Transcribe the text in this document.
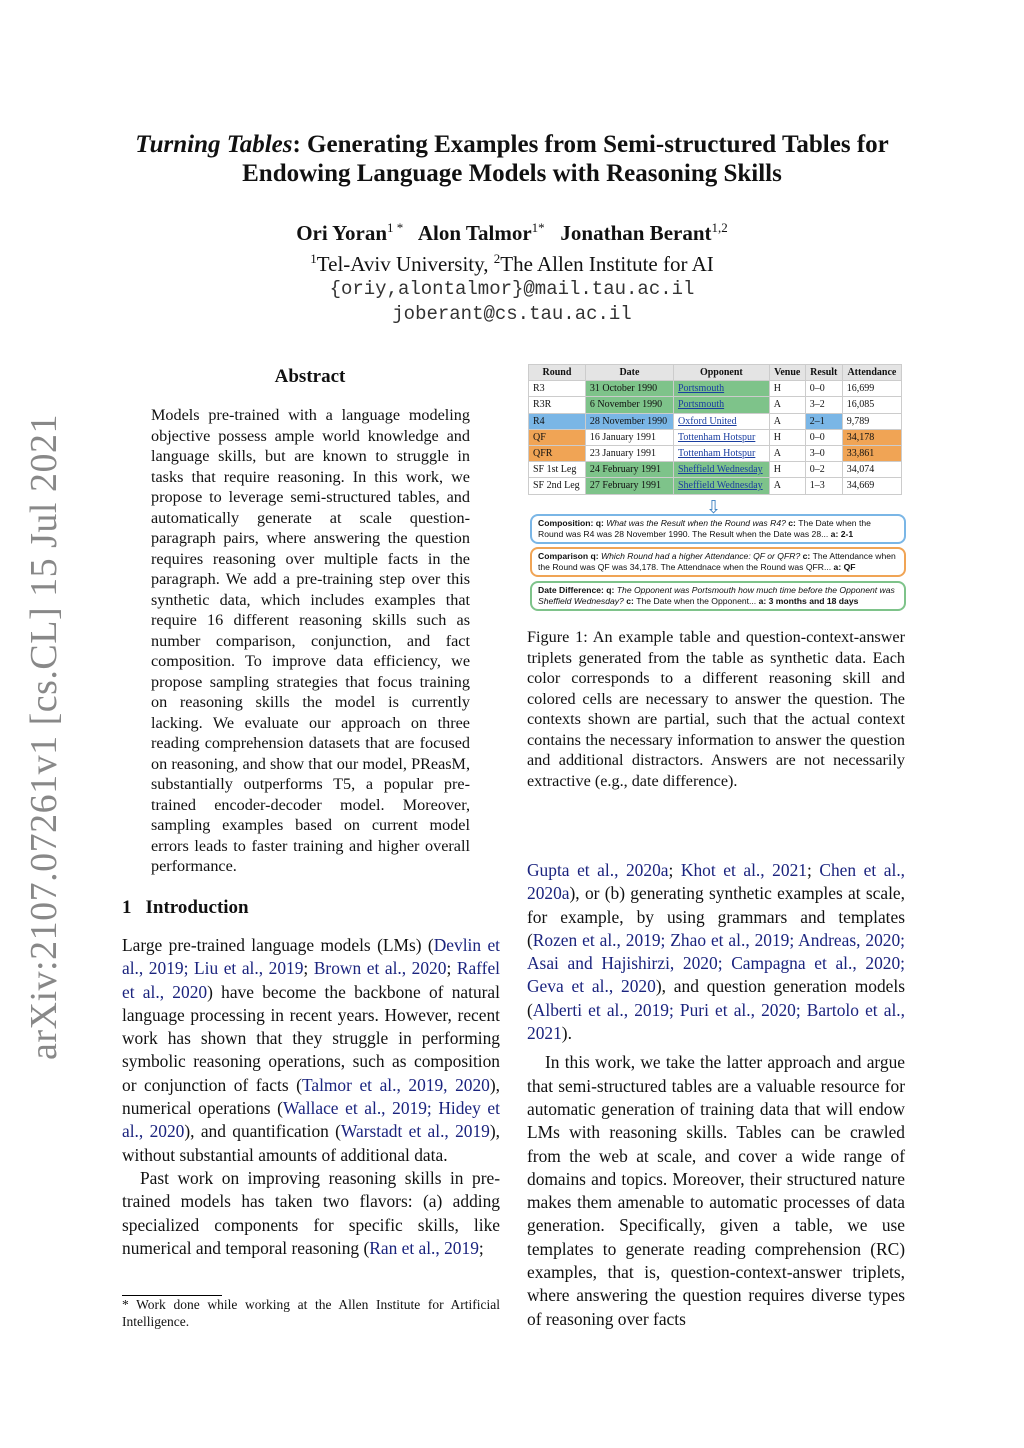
arXiv:2107.07261v1 [cs.CL] 15 Jul 2021
Turning Tables: Generating Examples from Semi-structured Tables for Endowing Language Models with Reasoning Skills
Ori Yoran$^{1 *}$ Alon Talmor$^{1*}$ Jonathan Berant$^{1,2}$
$^1$Tel-Aviv University, $^2$The Allen Institute for AI
{oriy,alontalmor}@mail.tau.ac.il
joberant@cs.tau.ac.il
Abstract
Models pre-trained with a language modeling objective possess ample world knowledge and language skills, but are known to struggle in tasks that require reasoning. In this work, we propose to leverage semi-structured tables, and automatically generate at scale question-paragraph pairs, where answering the question requires reasoning over multiple facts in the paragraph. We add a pre-training step over this synthetic data, which includes examples that require 16 different reasoning skills such as number comparison, conjunction, and fact composition. To improve data efficiency, we propose sampling strategies that focus training on reasoning skills the model is currently lacking. We evaluate our approach on three reading comprehension datasets that are focused on reasoning, and show that our model, PReasM, substantially outperforms T5, a popular pre-trained encoder-decoder model. Moreover, sampling examples based on current model errors leads to faster training and higher overall performance.
1 Introduction

Large pre-trained language models (LMs) (Devlin et al., 2019; Liu et al., 2019; Brown et al., 2020; Raffel et al., 2020) have become the backbone of natural language processing in recent years. However, recent work has shown that they struggle in performing symbolic reasoning operations, such as composition or conjunction of facts (Talmor et al., 2019, 2020), numerical operations (Wallace et al., 2019; Hidey et al., 2020), and quantification (Warstadt et al., 2019), without substantial amounts of additional data.

Past work on improving reasoning skills in pre-trained models has taken two flavors: (a) adding specialized components for specific skills, like numerical and temporal reasoning (Ran et al., 2019;

* Work done while working at the Allen Institute for Artificial Intelligence.
Round	Date	Opponent	Venue	Result	Attendance
R3	31 October 1990	Portsmouth	H	0–0	16,699
R3R	6 November 1990	Portsmouth	A	3–2	16,085
R4	28 November 1990	Oxford United	A	2–1	9,789
QF	16 January 1991	Tottenham Hotspur	H	0–0	34,178
QFR	23 January 1991	Tottenham Hotspur	A	3–0	33,861
SF 1st Leg	24 February 1991	Sheffield Wednesday	H	0–2	34,074
SF 2nd Leg	27 February 1991	Sheffield Wednesday	A	1–3	34,669
⇩
Composition: q: What was the Result when the Round was R4? c: The Date when the Round was R4 was 28 November 1990. The Result when the Date was 28... a: 2-1
Comparison q: Which Round had a higher Attendance: QF or QFR? c: The Attendance when the Round was QF was 34,178. The Attendnace when the Round was QFR... a: QF
Date Difference: q: The Opponent was Portsmouth how much time before the Opponent was Sheffield Wednesday? c: The Date when the Opponent... a: 3 months and 18 days
Figure 1: An example table and question-context-answer triplets generated from the table as synthetic data. Each color corresponds to a different reasoning skill and colored cells are necessary to answer the question. The contexts shown are partial, such that the actual context contains the necessary information to answer the question and additional distractors. Answers are not necessarily extractive (e.g., date difference).

Gupta et al., 2020a; Khot et al., 2021; Chen et al., 2020a), or (b) generating synthetic examples at scale, for example, by using grammars and templates (Rozen et al., 2019; Zhao et al., 2019; Andreas, 2020; Asai and Hajishirzi, 2020; Campagna et al., 2020; Geva et al., 2020), and question generation models (Alberti et al., 2019; Puri et al., 2020; Bartolo et al., 2021).

In this work, we take the latter approach and argue that semi-structured tables are a valuable resource for automatic generation of training data that will endow LMs with reasoning skills. Tables can be crawled from the web at scale, and cover a wide range of domains and topics. Moreover, their structured nature makes them amenable to automatic processes of data generation. Specifically, given a table, we use templates to generate reading comprehension (RC) examples, that is, question-context-answer triplets, where answering the question requires diverse types of reasoning over facts
